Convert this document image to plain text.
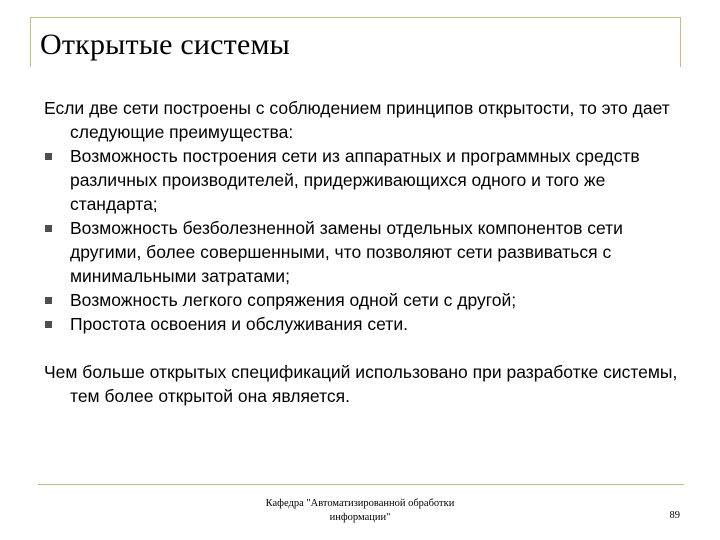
Открытые системы

Если две сети построены с соблюдением принципов открытости, то это дает следующие преимущества:

Возможность построения сети из аппаратных и программных средств различных производителей, придерживающихся одного и того же стандарта;
Возможность безболезненной замены отдельных компонентов сети другими, более совершенными, что позволяют сети развиваться с минимальными затратами;
Возможность легкого сопряжения одной сети с другой;
Простота освоения и обслуживания сети.

Чем больше открытых спецификаций использовано при разработке системы, тем более открытой она является.

Кафедра "Автоматизированной обработки
информации"	89
